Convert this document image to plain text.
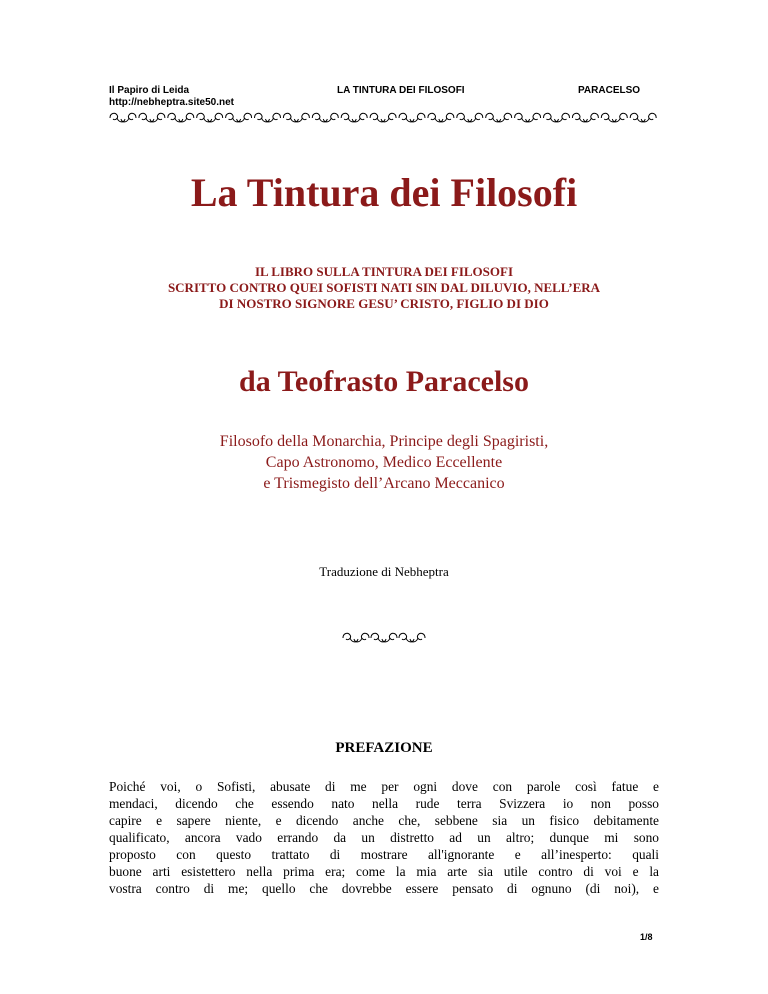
Il Papiro di Leida
http://nebheptra.site50.net
LA TINTURA DEI FILOSOFI	PARACELSO
La Tintura dei Filosofi
IL LIBRO SULLA TINTURA DEI FILOSOFI
SCRITTO CONTRO QUEI SOFISTI NATI SIN DAL DILUVIO, NELL’ERA
DI NOSTRO SIGNORE GESU’ CRISTO, FIGLIO DI DIO
da Teofrasto Paracelso
Filosofo della Monarchia, Principe degli Spagiristi,
Capo Astronomo, Medico Eccellente
e Trismegisto dell’Arcano Meccanico
Traduzione di Nebheptra
PREFAZIONE
Poiché voi, o Sofisti, abusate di me per ogni dove con parole così fatue e
mendaci, dicendo che essendo nato nella rude terra Svizzera io non posso
capire e sapere niente, e dicendo anche che, sebbene sia un fisico debitamente
qualificato, ancora vado errando da un distretto ad un altro; dunque mi sono
proposto con questo trattato di mostrare all'ignorante e all’inesperto: quali
buone arti esistettero nella prima era; come la mia arte sia utile contro di voi e la
vostra contro di me; quello che dovrebbe essere pensato di ognuno (di noi), e
1/8
